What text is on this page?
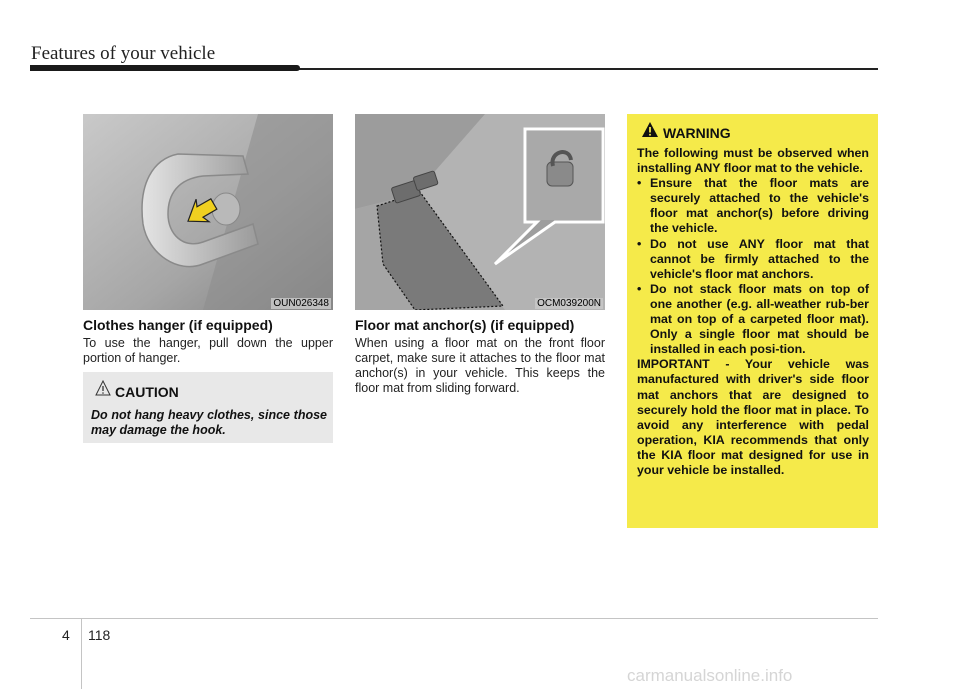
Features of your vehicle
OUN026348
Clothes hanger (if equipped)
To use the hanger, pull down the upper portion of hanger.
CAUTION
Do not hang heavy clothes, since those may damage the hook.
OCM039200N
Floor mat anchor(s) (if equipped)
When using a floor mat on the front floor carpet, make sure it attaches to the floor mat anchor(s) in your vehicle. This keeps the floor mat from sliding forward.
WARNING

The following must be observed when installing ANY floor mat to the vehicle.

• Ensure that the floor mats are securely attached to the vehicle's floor mat anchor(s) before driving the vehicle.
• Do not use ANY floor mat that cannot be firmly attached to the vehicle's floor mat anchors.
• Do not stack floor mats on top of one another (e.g. all-weather rub-ber mat on top of a carpeted floor mat). Only a single floor mat should be installed in each posi-tion.

IMPORTANT - Your vehicle was manufactured with driver's side floor mat anchors that are designed to securely hold the floor mat in place. To avoid any interference with pedal operation, KIA recommends that only the KIA floor mat designed for use in your vehicle be installed.

4 118
carmanualsonline.info
